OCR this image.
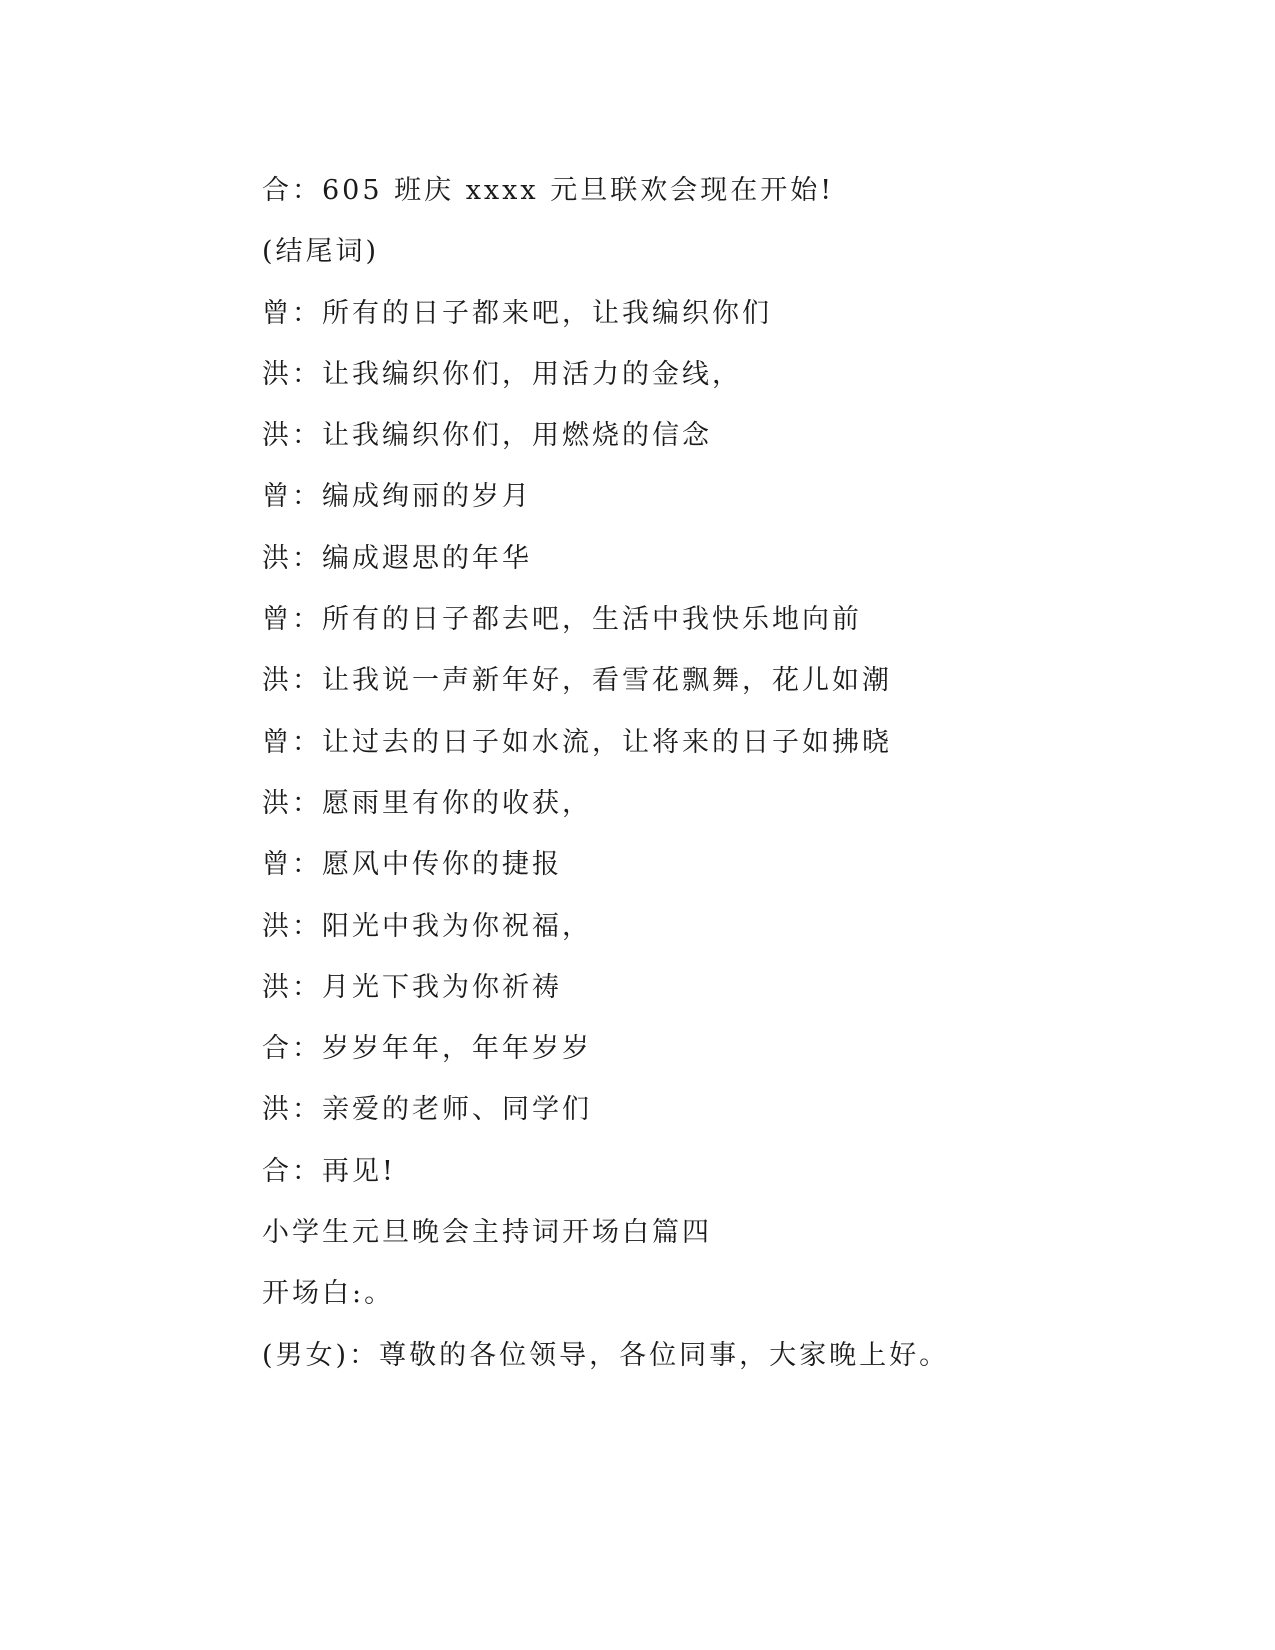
合：605 班庆 xxxx 元旦联欢会现在开始!
(结尾词)
曾：所有的日子都来吧，让我编织你们
洪：让我编织你们，用活力的金线，
洪：让我编织你们，用燃烧的信念
曾：编成绚丽的岁月
洪：编成遐思的年华
曾：所有的日子都去吧，生活中我快乐地向前
洪：让我说一声新年好，看雪花飘舞，花儿如潮
曾：让过去的日子如水流，让将来的日子如拂晓
洪：愿雨里有你的收获，
曾：愿风中传你的捷报
洪：阳光中我为你祝福，
洪：月光下我为你祈祷
合：岁岁年年，年年岁岁
洪：亲爱的老师、同学们
合：再见!
小学生元旦晚会主持词开场白篇四
开场白:。
(男女)：尊敬的各位领导，各位同事，大家晚上好。
